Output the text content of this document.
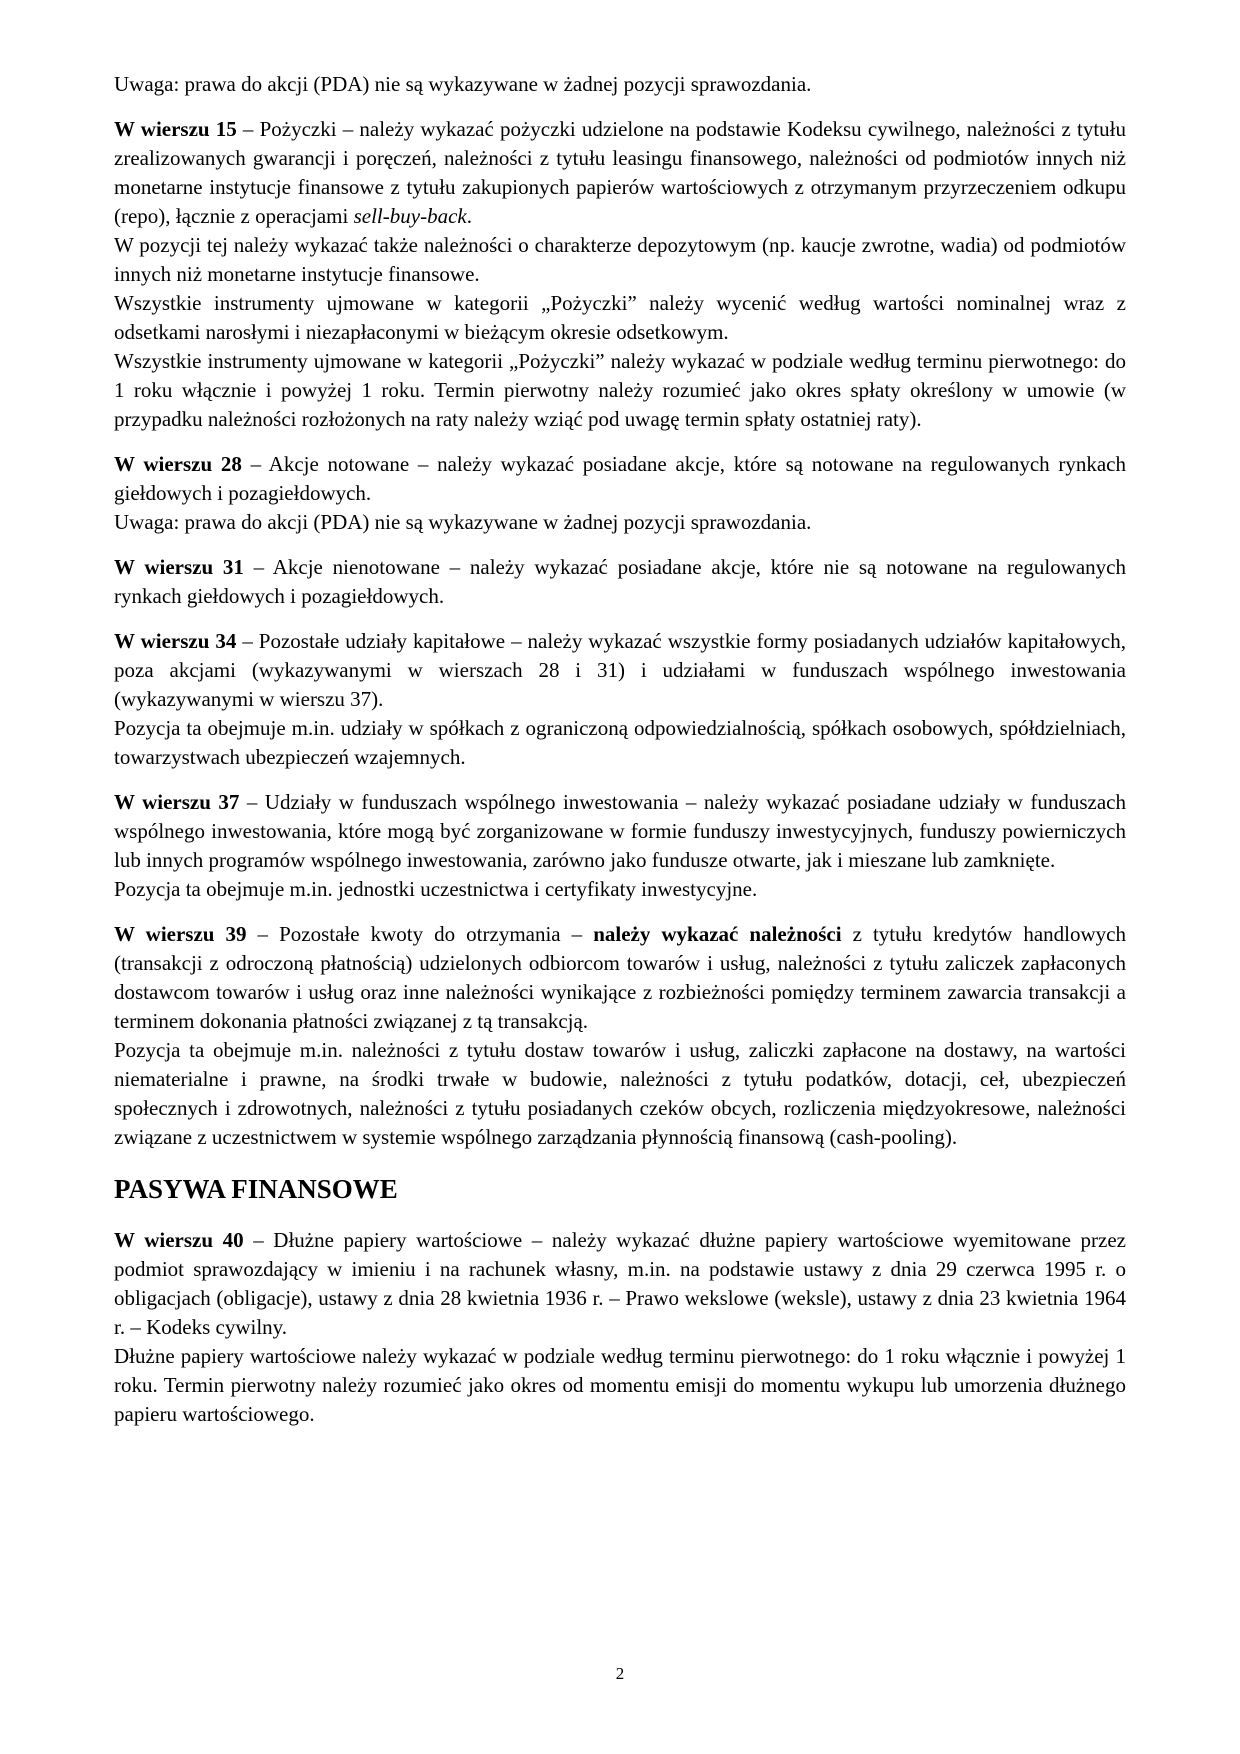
Uwaga: prawa do akcji (PDA) nie są wykazywane w żadnej pozycji sprawozdania.

W wierszu 15 – Pożyczki – należy wykazać pożyczki udzielone na podstawie Kodeksu cywilnego, należności z tytułu zrealizowanych gwarancji i poręczeń, należności z tytułu leasingu finansowego, należności od podmiotów innych niż monetarne instytucje finansowe z tytułu zakupionych papierów wartościowych z otrzymanym przyrzeczeniem odkupu (repo), łącznie z operacjami sell-buy-back.

W pozycji tej należy wykazać także należności o charakterze depozytowym (np. kaucje zwrotne, wadia) od podmiotów innych niż monetarne instytucje finansowe.

Wszystkie instrumenty ujmowane w kategorii „Pożyczki” należy wycenić według wartości nominalnej wraz z odsetkami narosłymi i niezapłaconymi w bieżącym okresie odsetkowym.

Wszystkie instrumenty ujmowane w kategorii „Pożyczki” należy wykazać w podziale według terminu pierwotnego: do 1 roku włącznie i powyżej 1 roku. Termin pierwotny należy rozumieć jako okres spłaty określony w umowie (w przypadku należności rozłożonych na raty należy wziąć pod uwagę termin spłaty ostatniej raty).

W wierszu 28 – Akcje notowane – należy wykazać posiadane akcje, które są notowane na regulowanych rynkach giełdowych i pozagiełdowych.

Uwaga: prawa do akcji (PDA) nie są wykazywane w żadnej pozycji sprawozdania.

W wierszu 31 – Akcje nienotowane – należy wykazać posiadane akcje, które nie są notowane na regulowanych rynkach giełdowych i pozagiełdowych.

W wierszu 34 – Pozostałe udziały kapitałowe – należy wykazać wszystkie formy posiadanych udziałów kapitałowych, poza akcjami (wykazywanymi w wierszach 28 i 31) i udziałami w funduszach wspólnego inwestowania (wykazywanymi w wierszu 37).

Pozycja ta obejmuje m.in. udziały w spółkach z ograniczoną odpowiedzialnością, spółkach osobowych, spółdzielniach, towarzystwach ubezpieczeń wzajemnych.

W wierszu 37 – Udziały w funduszach wspólnego inwestowania – należy wykazać posiadane udziały w funduszach wspólnego inwestowania, które mogą być zorganizowane w formie funduszy inwestycyjnych, funduszy powierniczych lub innych programów wspólnego inwestowania, zarówno jako fundusze otwarte, jak i mieszane lub zamknięte.

Pozycja ta obejmuje m.in. jednostki uczestnictwa i certyfikaty inwestycyjne.

W wierszu 39 – Pozostałe kwoty do otrzymania – należy wykazać należności z tytułu kredytów handlowych (transakcji z odroczoną płatnością) udzielonych odbiorcom towarów i usług, należności z tytułu zaliczek zapłaconych dostawcom towarów i usług oraz inne należności wynikające z rozbieżności pomiędzy terminem zawarcia transakcji a terminem dokonania płatności związanej z tą transakcją.

Pozycja ta obejmuje m.in. należności z tytułu dostaw towarów i usług, zaliczki zapłacone na dostawy, na wartości niematerialne i prawne, na środki trwałe w budowie, należności z tytułu podatków, dotacji, ceł, ubezpieczeń społecznych i zdrowotnych, należności z tytułu posiadanych czeków obcych, rozliczenia międzyokresowe, należności związane z uczestnictwem w systemie wspólnego zarządzania płynnością finansową (cash-pooling).

PASYWA FINANSOWE

W wierszu 40 – Dłużne papiery wartościowe – należy wykazać dłużne papiery wartościowe wyemitowane przez podmiot sprawozdający w imieniu i na rachunek własny, m.in. na podstawie ustawy z dnia 29 czerwca 1995 r. o obligacjach (obligacje), ustawy z dnia 28 kwietnia 1936 r. – Prawo wekslowe (weksle), ustawy z dnia 23 kwietnia 1964 r. – Kodeks cywilny.

Dłużne papiery wartościowe należy wykazać w podziale według terminu pierwotnego: do 1 roku włącznie i powyżej 1 roku. Termin pierwotny należy rozumieć jako okres od momentu emisji do momentu wykupu lub umorzenia dłużnego papieru wartościowego.

2
